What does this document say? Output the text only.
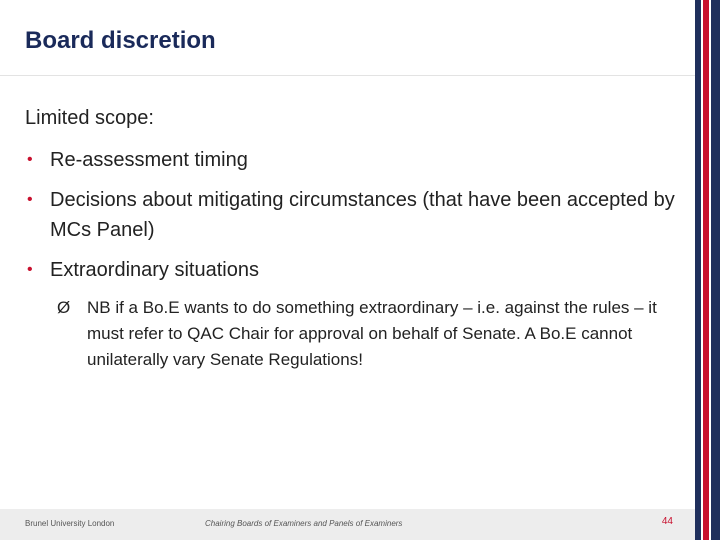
Board discretion
Limited scope:
• Re-assessment timing
• Decisions about mitigating circumstances (that have been accepted by MCs Panel)
• Extraordinary situations
Ø NB if a Bo.E wants to do something extraordinary – i.e. against the rules – it must refer to QAC Chair for approval on behalf of Senate. A Bo.E cannot unilaterally vary Senate Regulations!
Brunel University London	Chairing Boards of Examiners and Panels of Examiners	44
